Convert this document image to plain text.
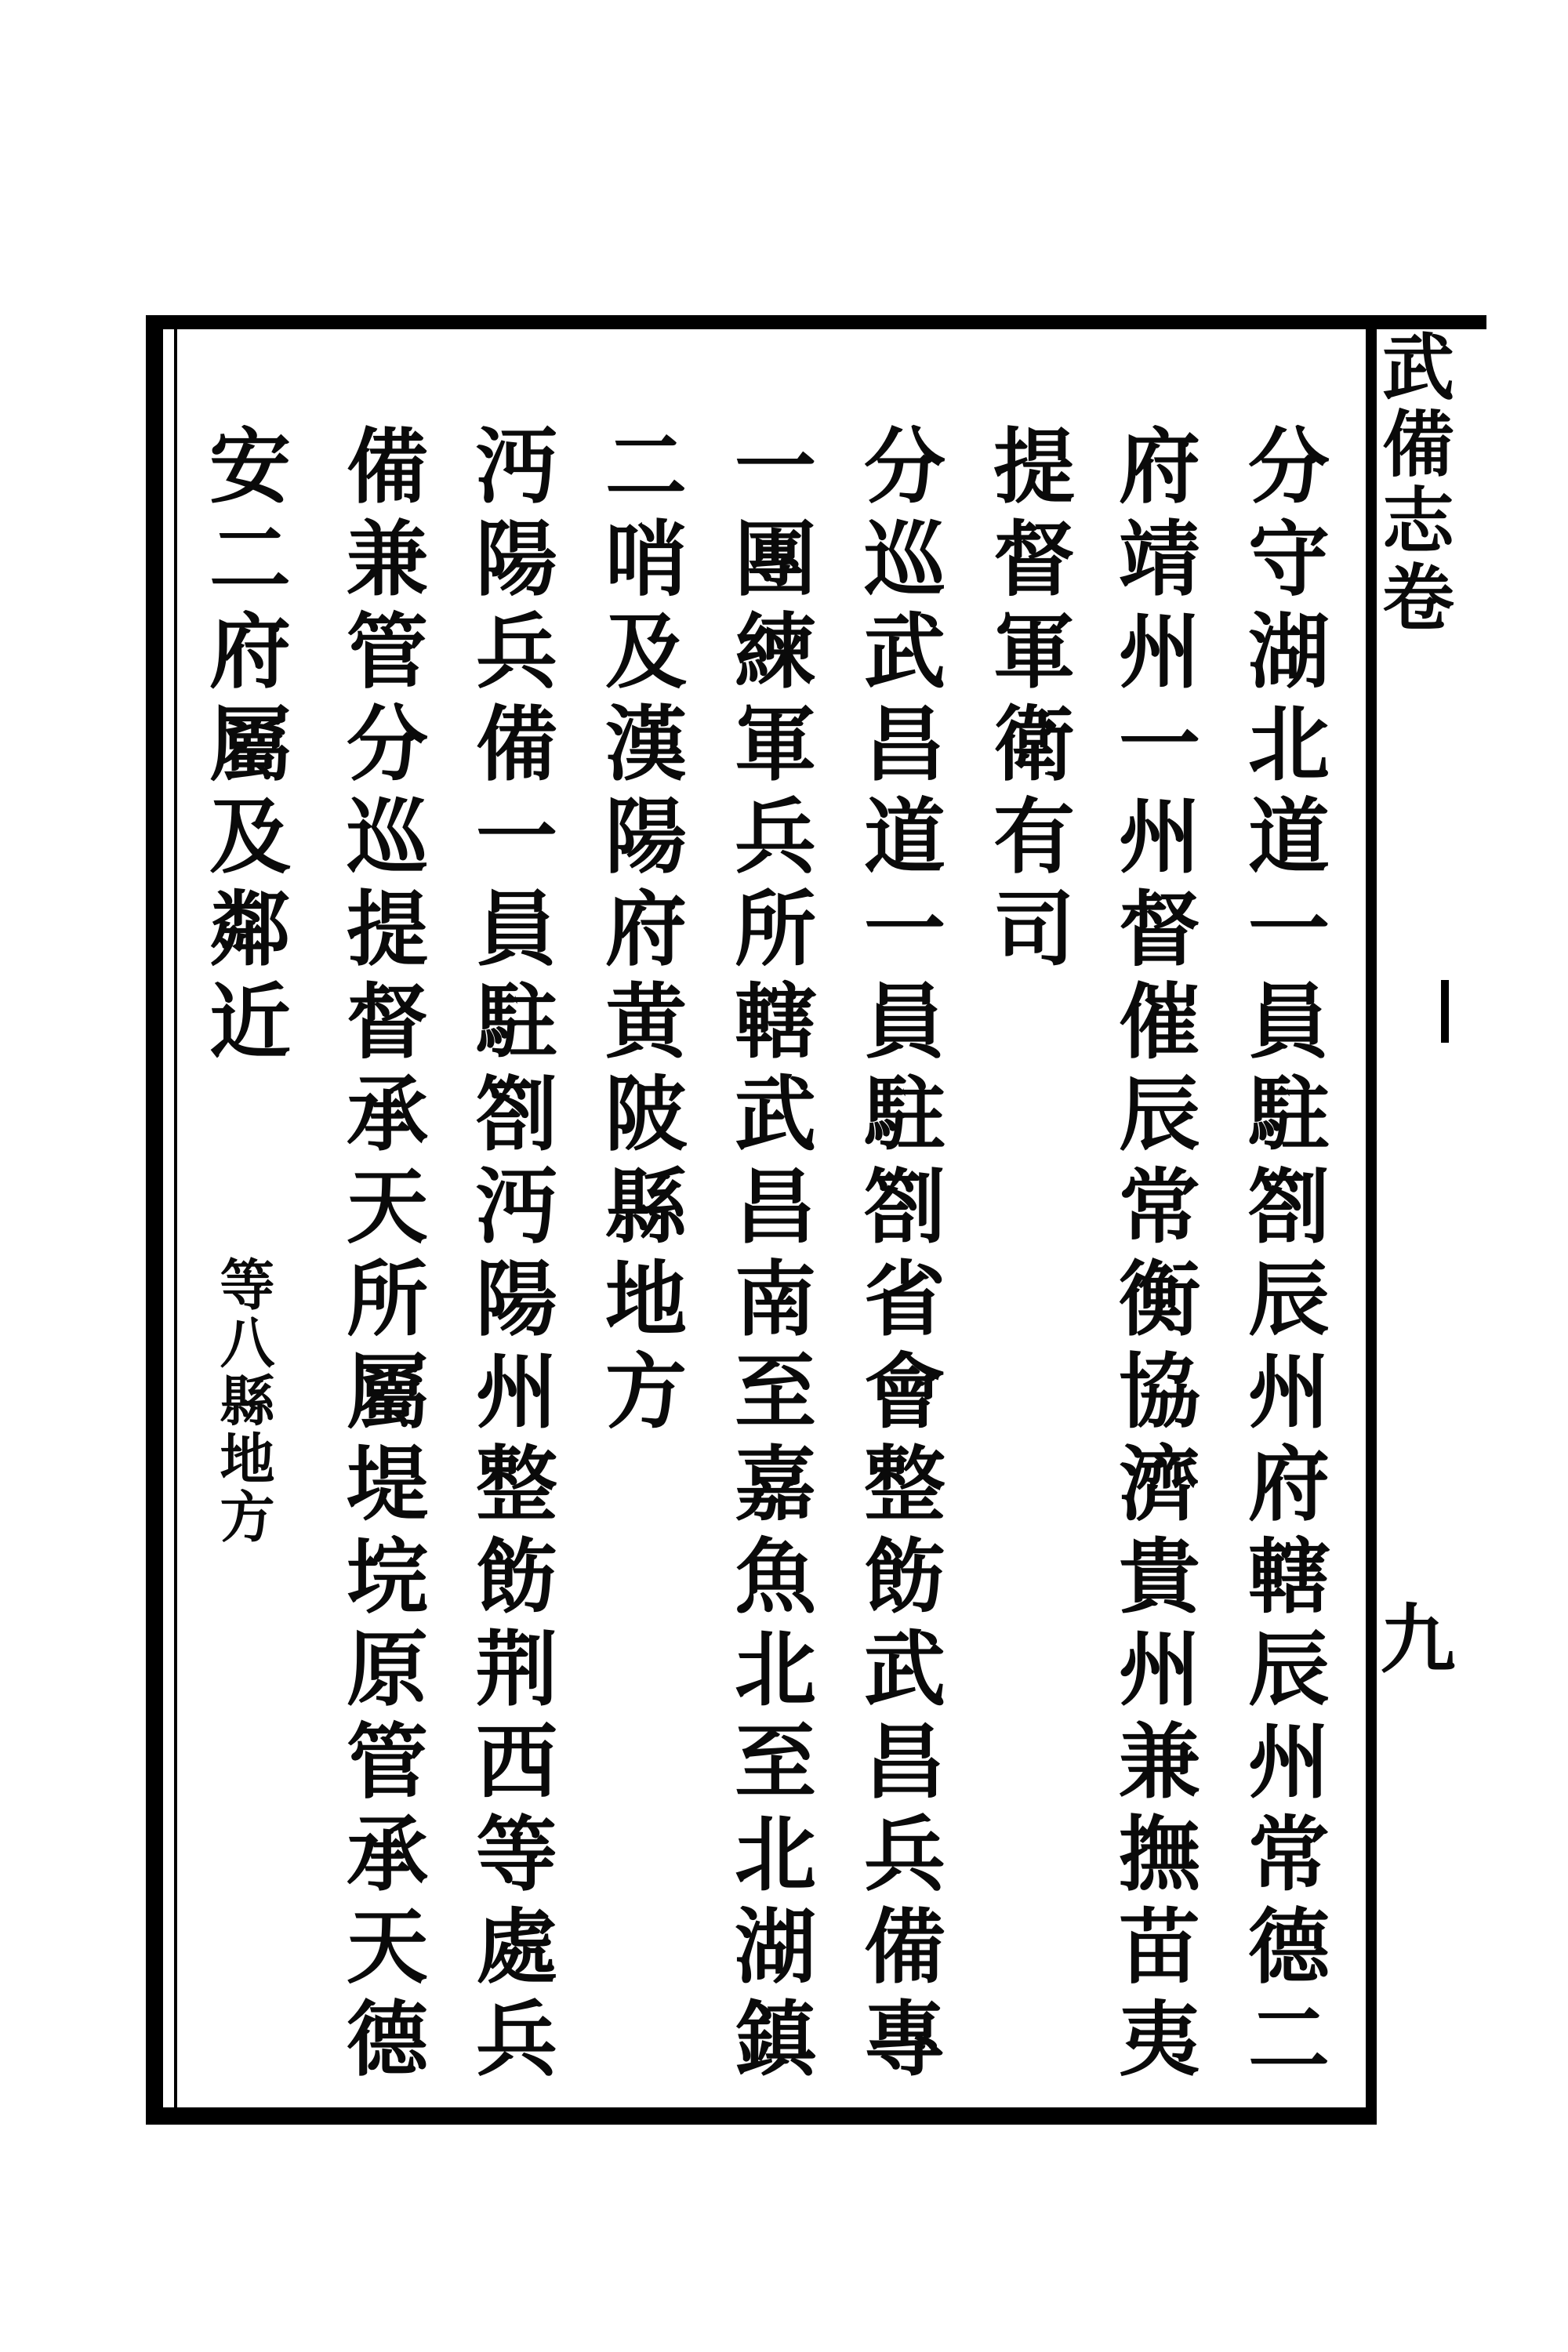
武備志卷
九
分守湖北道一員駐劄辰州府轄辰州常德二
府靖州一州督催辰常衡協濟貴州兼撫苗夷
提督軍衛有司
分巡武昌道一員駐劄省會整飭武昌兵備專
一團練軍兵所轄武昌南至嘉魚北至北湖鎮
二哨及漢陽府黄陂縣地方
沔陽兵備一員駐劄沔陽州整飭荆西等處兵
備兼管分巡提督承天所屬堤垸原管承天德
安二府屬及鄰近　　等八縣地方
